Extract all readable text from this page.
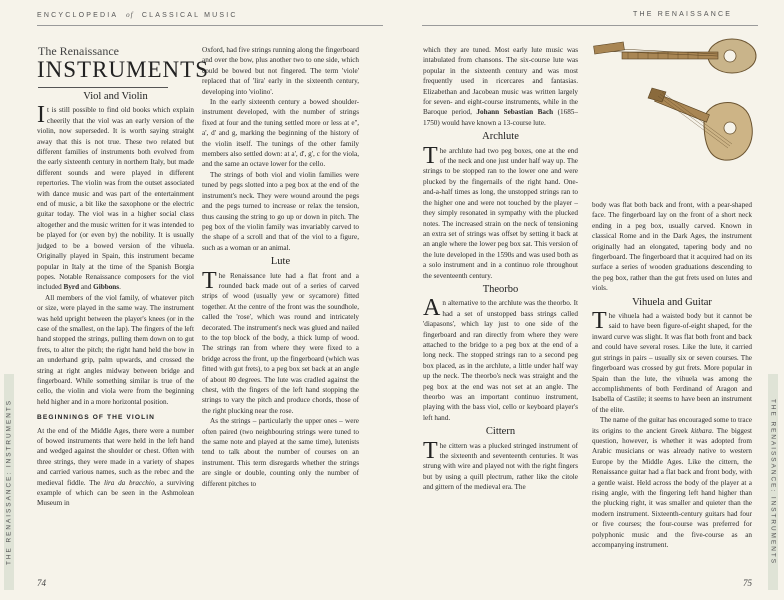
ENCYCLOPEDIA of CLASSICAL MUSIC
The Renaissance
INSTRUMENTS
THE RENAISSANCE: INSTRUMENTS
Viol and Violin

It is still possible to find old books which explain cheerily that the viol was an early version of the violin, now superseded. It is worth saying straight away that this is not true. These two related but different families of instruments both evolved from the early sixteenth century in northern Italy, but made different sounds and were played in different repertories. The violin was from the outset associated with dance music and was part of the entertainment end of music, a bit like the saxophone or the electric guitar today. The viol was in a higher social class altogether and the music written for it was intended to be played for (or even by) the nobility. It is usually judged to be a bowed version of the vihuela. Originally played in Spain, this instrument became popular in Italy at the time of the Spanish Borgia popes. Notable Renaissance composers for the viol included Byrd and Gibbons.

All members of the viol family, of whatever pitch or size, were played in the same way. The instrument was held upright between the player's knees (or in the case of the smallest, on the lap). The fingers of the left hand stopped the strings, pulling them down on to gut frets, to alter the pitch; the right hand held the bow in an underhand grip, palm upwards, and crossed the string at right angles midway between bridge and fingerboard. While something similar is true of the cello, the violin and viola were from the beginning held higher and in a more horizontal position.

BEGINNINGS OF THE VIOLIN

At the end of the Middle Ages, there were a number of bowed instruments that were held in the left hand and wedged against the shoulder or chest. Often with three strings, they were made in a variety of shapes and carried various names, such as the rebec and the medieval fiddle. The lira da bracchio, a surviving example of which can be seen in the Ashmolean Museum in

Oxford, had five strings running along the fingerboard and over the bow, plus another two to one side, which could be bowed but not fingered. The term 'viole' replaced that of 'lira' early in the sixteenth century, developing into 'violino'.

In the early sixteenth century a bowed shoulder-instrument developed, with the number of strings fixed at four and the tuning settled more or less at e'', a', d' and g, marking the beginning of the history of the violin itself. The tunings of the other family members also settled down: at a', d', g', c for the viola, and the same an octave lower for the cello.

The strings of both viol and violin families were tuned by pegs slotted into a peg box at the end of the instrument's neck. They were wound around the pegs and the pegs turned to increase or relax the tension, thus causing the string to go up or down in pitch. The peg box of the violin family was invariably carved to the shape of a scroll and that of the viol to a figure, such as a woman or an animal.

Lute

The Renaissance lute had a flat front and a rounded back made out of a series of carved strips of wood (usually yew or sycamore) fitted together. At the centre of the front was the soundhole, called the 'rose', which was round and intricately decorated. The instrument's neck was glued and nailed to the top block of the body, a thick lump of wood. The strings ran from where they were fixed to a bridge across the front, up the fingerboard (which was fitted with gut frets), to a peg box set back at an angle of about 80 degrees. The lute was cradled against the chest, with the fingers of the left hand stopping the strings to vary the pitch and produce chords, those of the right plucking near the rose.

As the strings – particularly the upper ones – were often paired (two neighbouring strings were tuned to the same note and played at the same time), lutenists tend to talk about the number of courses on an instrument. This term disregards whether the strings are single or double, counting only the number of different pitches to

74
THE RENAISSANCE

which they are tuned. Most early lute music was intabulated from chansons. The six-course lute was popular in the sixteenth century and was most frequently used in ricercares and fantasias. Elizabethan and Jacobean music was written largely for seven- and eight-course instruments, while in the Baroque period, Johann Sebastian Bach (1685–1750) would have known a 13-course lute.

Archlute

The archlute had two peg boxes, one at the end of the neck and one just under half way up. The strings to be stopped ran to the lower one and were plucked by the fingernails of the right hand. One-and-a-half times as long, the unstopped strings ran to the higher one and were not touched by the player – they simply resonated in sympathy with the plucked notes. The increased strain on the neck of tensioning an extra set of strings was offset by setting it back at an angle where the lower peg box sat. This version of the lute developed in the 1590s and was used both as a solo instrument and in a continuo role throughout the seventeenth century.

Theorbo

An alternative to the archlute was the theorbo. It had a set of unstopped bass strings called 'diapasons', which lay just to one side of the fingerboard and ran directly from where they were attached to the bridge to a peg box at the end of a long neck. The stopped strings ran to a second peg box placed, as in the archlute, a little under half way up the neck. The theorbo's neck was straight and the peg box at the end was not set at an angle. The theorbo was an important continuo instrument, playing with the bass viol, cello or keyboard player's left hand.

Cittern

The cittern was a plucked stringed instrument of the sixteenth and seventeenth centuries. It was strung with wire and played not with the right fingers but by using a quill plectrum, rather like the citole and gittern of the medieval era. The

body was flat both back and front, with a pear-shaped face. The fingerboard lay on the front of a short neck ending in a peg box, usually carved. Known in classical Rome and in the Dark Ages, the instrument originally had an elongated, tapering body and no fingerboard. The fingerboard that it acquired had on its surface a series of wooden graduations descending to the peg box, rather than the gut frets used on lutes and viols.

Vihuela and Guitar

The vihuela had a waisted body but it cannot be said to have been figure-of-eight shaped, for the inward curve was slight. It was flat both front and back and could have several roses. Like the lute, it carried gut strings in pairs – usually six or seven courses. The fingerboard was crossed by gut frets. More popular in Spain than the lute, the vihuela was among the accomplishments of both Ferdinand of Aragon and Isabella of Castile; it seems to have been an instrument of the elite.

The name of the guitar has encouraged some to trace its origins to the ancient Greek kithara. The biggest question, however, is whether it was adopted from Arabic musicians or was already native to western Europe by the Middle Ages. Like the cittern, the Renaissance guitar had a flat back and front body, with a gentle waist. Held across the body of the player at a rising angle, with the fingering left hand higher than the plucking right, it was smaller and quieter than the modern instrument. Sixteenth-century guitars had four or five courses; the four-course was preferred for polyphonic music and the five-course as an accompanying instrument.	THE RENAISSANCE: INSTRUMENTS
75
